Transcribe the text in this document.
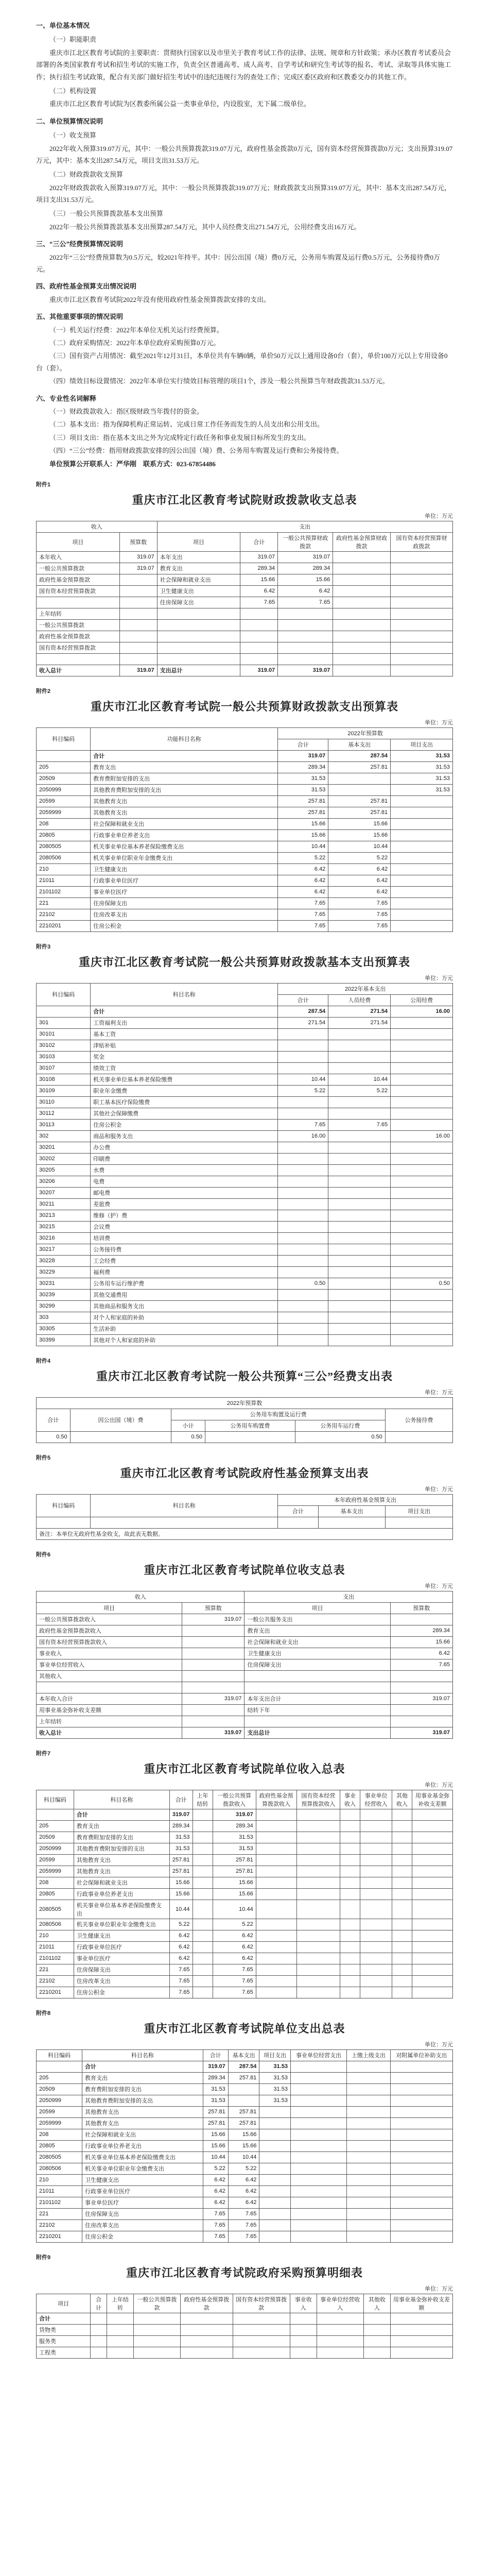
一、单位基本情况
（一）职能职责

重庆市江北区教育考试院的主要职责：贯彻执行国家以及市里关于教育考试工作的法律、法规、规章和方针政策；承办区教育考试委员会部署的各类国家教育考试和招生考试的实施工作，负责全区普通高考、成人高考、自学考试和研究生考试等的报名、考试、录取等具体实施工作；执行招生考试政策，配合有关部门做好招生考试中的违纪违规行为的查处工作；完成区委区政府和区教委交办的其他工作。

（二）机构设置

重庆市江北区教育考试院为区教委所属公益一类事业单位，内设股室，无下属二级单位。

二、单位预算情况说明
（一）收支预算

2022年收入预算319.07万元，其中：一般公共预算拨款319.07万元，政府性基金拨款0万元，国有资本经营预算拨款0万元；支出预算319.07万元，其中：基本支出287.54万元，项目支出31.53万元。

（二）财政拨款收支预算

2022年财政拨款收入预算319.07万元，其中：一般公共预算拨款319.07万元；财政拨款支出预算319.07万元，其中：基本支出287.54万元，项目支出31.53万元。

（三）一般公共预算拨款基本支出预算

2022年一般公共预算拨款基本支出预算287.54万元，其中人员经费支出271.54万元，公用经费支出16万元。

三、“三公”经费预算情况说明

2022年“三公”经费预算数为0.5万元，较2021年持平。其中：因公出国（境）费0万元，公务用车购置及运行费0.5万元，公务接待费0万元。

四、政府性基金预算支出情况说明

重庆市江北区教育考试院2022年没有使用政府性基金预算拨款安排的支出。

五、其他重要事项的情况说明

（一）机关运行经费：2022年本单位无机关运行经费预算。

（二）政府采购情况：2022年本单位政府采购预算0万元。

（三）国有资产占用情况：截至2021年12月31日，本单位共有车辆0辆，单价50万元以上通用设备0台（套），单价100万元以上专用设备0台（套）。

（四）绩效目标设置情况：2022年本单位实行绩效目标管理的项目1个，涉及一般公共预算当年财政拨款31.53万元。

六、专业性名词解释

（一）财政拨款收入：指区级财政当年拨付的资金。

（二）基本支出：指为保障机构正常运转、完成日常工作任务而发生的人员支出和公用支出。

（三）项目支出：指在基本支出之外为完成特定行政任务和事业发展目标所发生的支出。

（四）“三公”经费：指用财政拨款安排的因公出国（境）费、公务用车购置及运行费和公务接待费。

单位预算公开联系人：严华刚　联系方式：023-67854486

附件1
重庆市江北区教育考试院财政拨款收支总表
单位：万元
收入		支出				
项目	预算数	项目	合计	一般公共预算财政拨款	政府性基金预算财政拨款	国有资本经营预算财政拨款
本年收入	319.07	本年支出	319.07	319.07		
一般公共预算拨款	319.07	教育支出	289.34	289.34		
政府性基金预算拨款		社会保障和就业支出	15.66	15.66		
国有资本经营预算拨款		卫生健康支出	6.42	6.42		
		住房保障支出	7.65	7.65		
上年结转						
一般公共预算拨款						
政府性基金预算拨款						
国有资本经营预算拨款						

收入总计	319.07	支出总计	319.07	319.07		
附件2
重庆市江北区教育考试院一般公共预算财政拨款支出预算表
单位：万元
科目编码	功能科目名称	2022年预算数		
		合计	基本支出	项目支出
	合计	319.07	287.54	31.53
205	教育支出	289.34	257.81	31.53
20509	教育费附加安排的支出	31.53		31.53
2050999	其他教育费附加安排的支出	31.53		31.53
20599	其他教育支出	257.81	257.81	
2059999	其他教育支出	257.81	257.81	
208	社会保障和就业支出	15.66	15.66	
20805	行政事业单位养老支出	15.66	15.66	
2080505	机关事业单位基本养老保险缴费支出	10.44	10.44	
2080506	机关事业单位职业年金缴费支出	5.22	5.22	
210	卫生健康支出	6.42	6.42	
21011	行政事业单位医疗	6.42	6.42	
2101102	事业单位医疗	6.42	6.42	
221	住房保障支出	7.65	7.65	
22102	住房改革支出	7.65	7.65	
2210201	住房公积金	7.65	7.65	
附件3
重庆市江北区教育考试院一般公共预算财政拨款基本支出预算表
单位：万元
科目编码	科目名称	2022年基本支出		
		合计	人员经费	公用经费
	合计	287.54	271.54	16.00
301	工资福利支出	271.54	271.54	
30101	基本工资			
30102	津贴补贴			
30103	奖金			
30107	绩效工资			
30108	机关事业单位基本养老保险缴费	10.44	10.44	
30109	职业年金缴费	5.22	5.22	
30110	职工基本医疗保险缴费			
30112	其他社会保障缴费			
30113	住房公积金	7.65	7.65	
302	商品和服务支出	16.00		16.00
30201	办公费			
30202	印刷费			
30205	水费			
30206	电费			
30207	邮电费			
30211	差旅费			
30213	维修（护）费			
30215	会议费			
30216	培训费			
30217	公务接待费			
30228	工会经费			
30229	福利费			
30231	公务用车运行维护费	0.50		0.50
30239	其他交通费用			
30299	其他商品和服务支出			
303	对个人和家庭的补助			
30305	生活补助			
30399	其他对个人和家庭的补助			
附件4
重庆市江北区教育考试院一般公共预算“三公”经费支出表
单位：万元
2022年预算数					
合计	因公出国（境）费	公务用车购置及运行费			公务接待费
		小计	公务用车购置费	公务用车运行费	
0.50		0.50		0.50	
附件5
重庆市江北区教育考试院政府性基金预算支出表
单位：万元
科目编码	科目名称	本年政府性基金预算支出		
		合计	基本支出	项目支出

备注：本单位无政府性基金收支，故此表无数据。				
附件6
重庆市江北区教育考试院单位收支总表
单位：万元
收入		支出	
项目	预算数	项目	预算数
一般公共预算拨款收入	319.07	一般公共服务支出	
政府性基金预算拨款收入		教育支出	289.34
国有资本经营预算拨款收入		社会保障和就业支出	15.66
事业收入		卫生健康支出	6.42
事业单位经营收入		住房保障支出	7.65
其他收入			

本年收入合计	319.07	本年支出合计	319.07
用事业基金弥补收支差额		结转下年	
上年结转			
收入总计	319.07	支出总计	319.07
附件7
重庆市江北区教育考试院单位收入总表
单位：万元
科目编码	科目名称	合计	上年结转	一般公共预算拨款收入	政府性基金预算拨款收入	国有资本经营预算拨款收入	事业收入	事业单位经营收入	其他收入	用事业基金弥补收支差额
	合计	319.07		319.07						
205	教育支出	289.34		289.34						
20509	教育费附加安排的支出	31.53		31.53						
2050999	其他教育费附加安排的支出	31.53		31.53						
20599	其他教育支出	257.81		257.81						
2059999	其他教育支出	257.81		257.81						
208	社会保障和就业支出	15.66		15.66						
20805	行政事业单位养老支出	15.66		15.66						
2080505	机关事业单位基本养老保险缴费支出	10.44		10.44						
2080506	机关事业单位职业年金缴费支出	5.22		5.22						
210	卫生健康支出	6.42		6.42						
21011	行政事业单位医疗	6.42		6.42						
2101102	事业单位医疗	6.42		6.42						
221	住房保障支出	7.65		7.65						
22102	住房改革支出	7.65		7.65						
2210201	住房公积金	7.65		7.65						
附件8
重庆市江北区教育考试院单位支出总表
单位：万元
科目编码	科目名称	合计	基本支出	项目支出	事业单位经营支出	上缴上级支出	对附属单位补助支出
	合计	319.07	287.54	31.53			
205	教育支出	289.34	257.81	31.53			
20509	教育费附加安排的支出	31.53		31.53			
2050999	其他教育费附加安排的支出	31.53		31.53			
20599	其他教育支出	257.81	257.81				
2059999	其他教育支出	257.81	257.81				
208	社会保障和就业支出	15.66	15.66				
20805	行政事业单位养老支出	15.66	15.66				
2080505	机关事业单位基本养老保险缴费支出	10.44	10.44				
2080506	机关事业单位职业年金缴费支出	5.22	5.22				
210	卫生健康支出	6.42	6.42				
21011	行政事业单位医疗	6.42	6.42				
2101102	事业单位医疗	6.42	6.42				
221	住房保障支出	7.65	7.65				
22102	住房改革支出	7.65	7.65				
2210201	住房公积金	7.65	7.65				
附件9
重庆市江北区教育考试院政府采购预算明细表
单位：万元
项目	合计	上年结转	一般公共预算拨款	政府性基金预算拨款	国有资本经营预算拨款	事业收入	事业单位经营收入	其他收入	用事业基金弥补收支差额
合计									
货物类									
服务类									
工程类									
